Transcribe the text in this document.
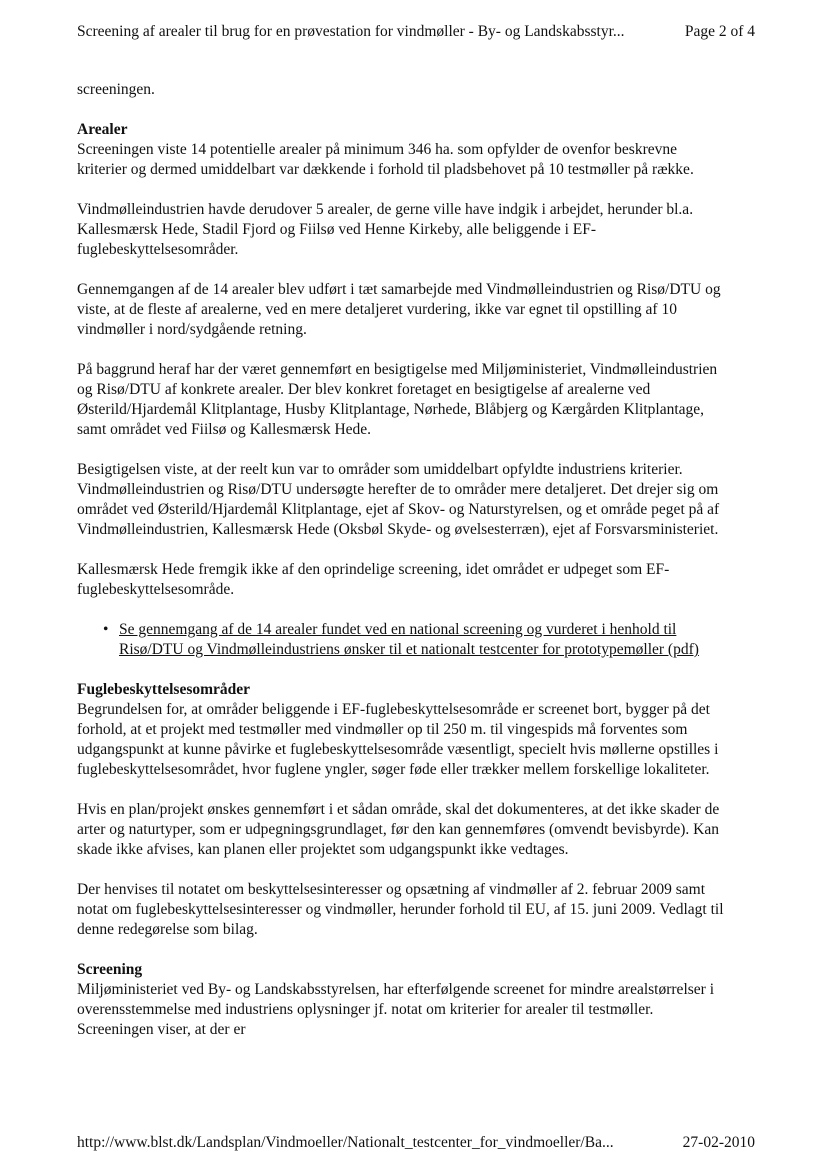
Screening af arealer til brug for en prøvestation for vindmøller - By- og Landskabsstyr...	Page 2 of 4

screeningen.

Arealer

Screeningen viste 14 potentielle arealer på minimum 346 ha. som opfylder de ovenfor beskrevne kriterier og dermed umiddelbart var dækkende i forhold til pladsbehovet på 10 testmøller på række.

Vindmølleindustrien havde derudover 5 arealer, de gerne ville have indgik i arbejdet, herunder bl.a. Kallesmærsk Hede, Stadil Fjord og Fiilsø ved Henne Kirkeby, alle beliggende i EF-fuglebeskyttelsesområder.

Gennemgangen af de 14 arealer blev udført i tæt samarbejde med Vindmølleindustrien og Risø/DTU og viste, at de fleste af arealerne, ved en mere detaljeret vurdering, ikke var egnet til opstilling af 10 vindmøller i nord/sydgående retning.

På baggrund heraf har der været gennemført en besigtigelse med Miljøministeriet, Vindmølleindustrien og Risø/DTU af konkrete arealer. Der blev konkret foretaget en besigtigelse af arealerne ved Østerild/Hjardemål Klitplantage, Husby Klitplantage, Nørhede, Blåbjerg og Kærgården Klitplantage, samt området ved Fiilsø og Kallesmærsk Hede.

Besigtigelsen viste, at der reelt kun var to områder som umiddelbart opfyldte industriens kriterier. Vindmølleindustrien og Risø/DTU undersøgte herefter de to områder mere detaljeret. Det drejer sig om området ved Østerild/Hjardemål Klitplantage, ejet af Skov- og Naturstyrelsen, og et område peget på af Vindmølleindustrien, Kallesmærsk Hede (Oksbøl Skyde- og øvelsesterræn), ejet af Forsvarsministeriet.

Kallesmærsk Hede fremgik ikke af den oprindelige screening, idet området er udpeget som EF-fuglebeskyttelsesområde.

• Se gennemgang af de 14 arealer fundet ved en national screening og vurderet i henhold til Risø/DTU og Vindmølleindustriens ønsker til et nationalt testcenter for prototypemøller (pdf)

Fuglebeskyttelsesområder

Begrundelsen for, at områder beliggende i EF-fuglebeskyttelsesområde er screenet bort, bygger på det forhold, at et projekt med testmøller med vindmøller op til 250 m. til vingespids må forventes som udgangspunkt at kunne påvirke et fuglebeskyttelsesområde væsentligt, specielt hvis møllerne opstilles i fuglebeskyttelsesområdet, hvor fuglene yngler, søger føde eller trækker mellem forskellige lokaliteter.

Hvis en plan/projekt ønskes gennemført i et sådan område, skal det dokumenteres, at det ikke skader de arter og naturtyper, som er udpegningsgrundlaget, før den kan gennemføres (omvendt bevisbyrde). Kan skade ikke afvises, kan planen eller projektet som udgangspunkt ikke vedtages.

Der henvises til notatet om beskyttelsesinteresser og opsætning af vindmøller af 2. februar 2009 samt notat om fuglebeskyttelsesinteresser og vindmøller, herunder forhold til EU, af 15. juni 2009. Vedlagt til denne redegørelse som bilag.

Screening

Miljøministeriet ved By- og Landskabsstyrelsen, har efterfølgende screenet for mindre arealstørrelser i overensstemmelse med industriens oplysninger jf. notat om kriterier for arealer til testmøller. Screeningen viser, at der er

http://www.blst.dk/Landsplan/Vindmoeller/Nationalt_testcenter_for_vindmoeller/Ba...	27-02-2010
